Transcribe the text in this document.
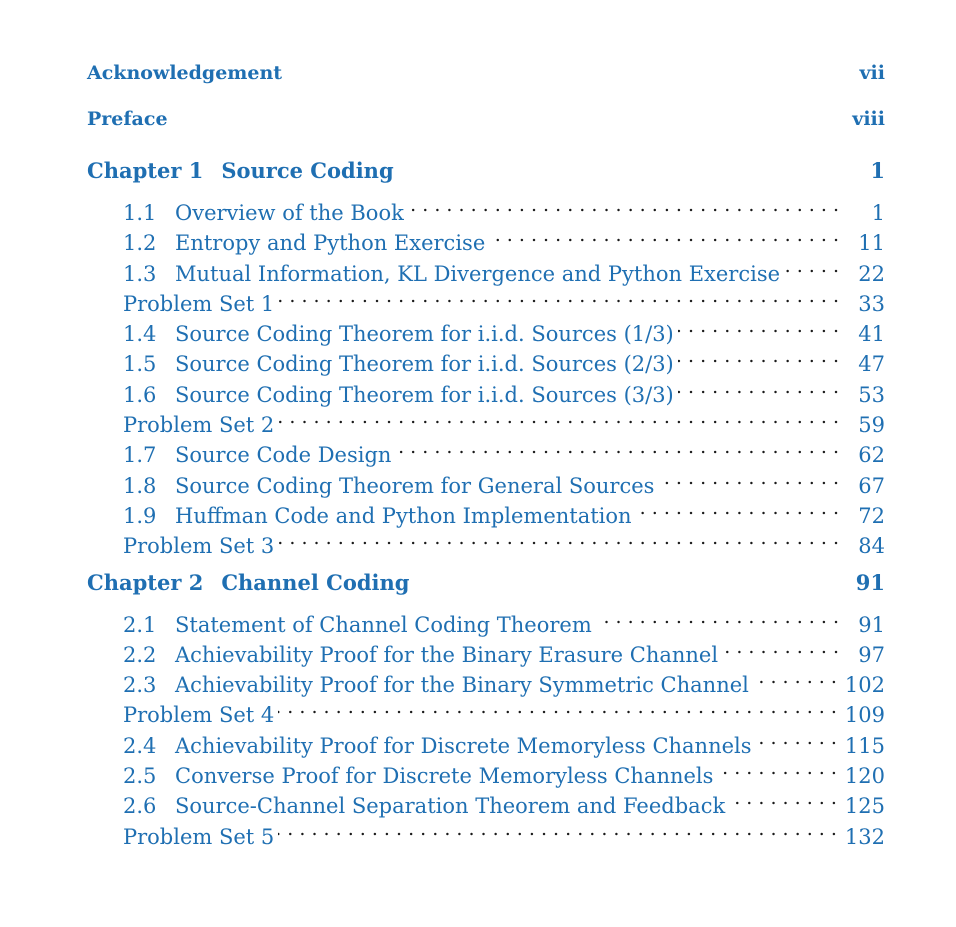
Acknowledgement	vii
Preface	viii
Chapter 1 Source Coding	1
1.1 Overview of the Book . . .	1
1.2 Entropy and Python Exercise . . .	11
1.3 Mutual Information, KL Divergence and Python Exercise . . .	22
Problem Set 1 . . .	33
1.4 Source Coding Theorem for i.i.d. Sources (1/3) . . .	41
1.5 Source Coding Theorem for i.i.d. Sources (2/3) . . .	47
1.6 Source Coding Theorem for i.i.d. Sources (3/3) . . .	53
Problem Set 2 . . .	59
1.7 Source Code Design . . .	62
1.8 Source Coding Theorem for General Sources . . .	67
1.9 Huffman Code and Python Implementation . . .	72
Problem Set 3 . . .	84
Chapter 2 Channel Coding	91
2.1 Statement of Channel Coding Theorem . . .	91
2.2 Achievability Proof for the Binary Erasure Channel . . .	97
2.3 Achievability Proof for the Binary Symmetric Channel . . .	102
Problem Set 4 . . .	109
2.4 Achievability Proof for Discrete Memoryless Channels . . .	115
2.5 Converse Proof for Discrete Memoryless Channels . . .	120
2.6 Source-Channel Separation Theorem and Feedback . . .	125
Problem Set 5 . . .	132
